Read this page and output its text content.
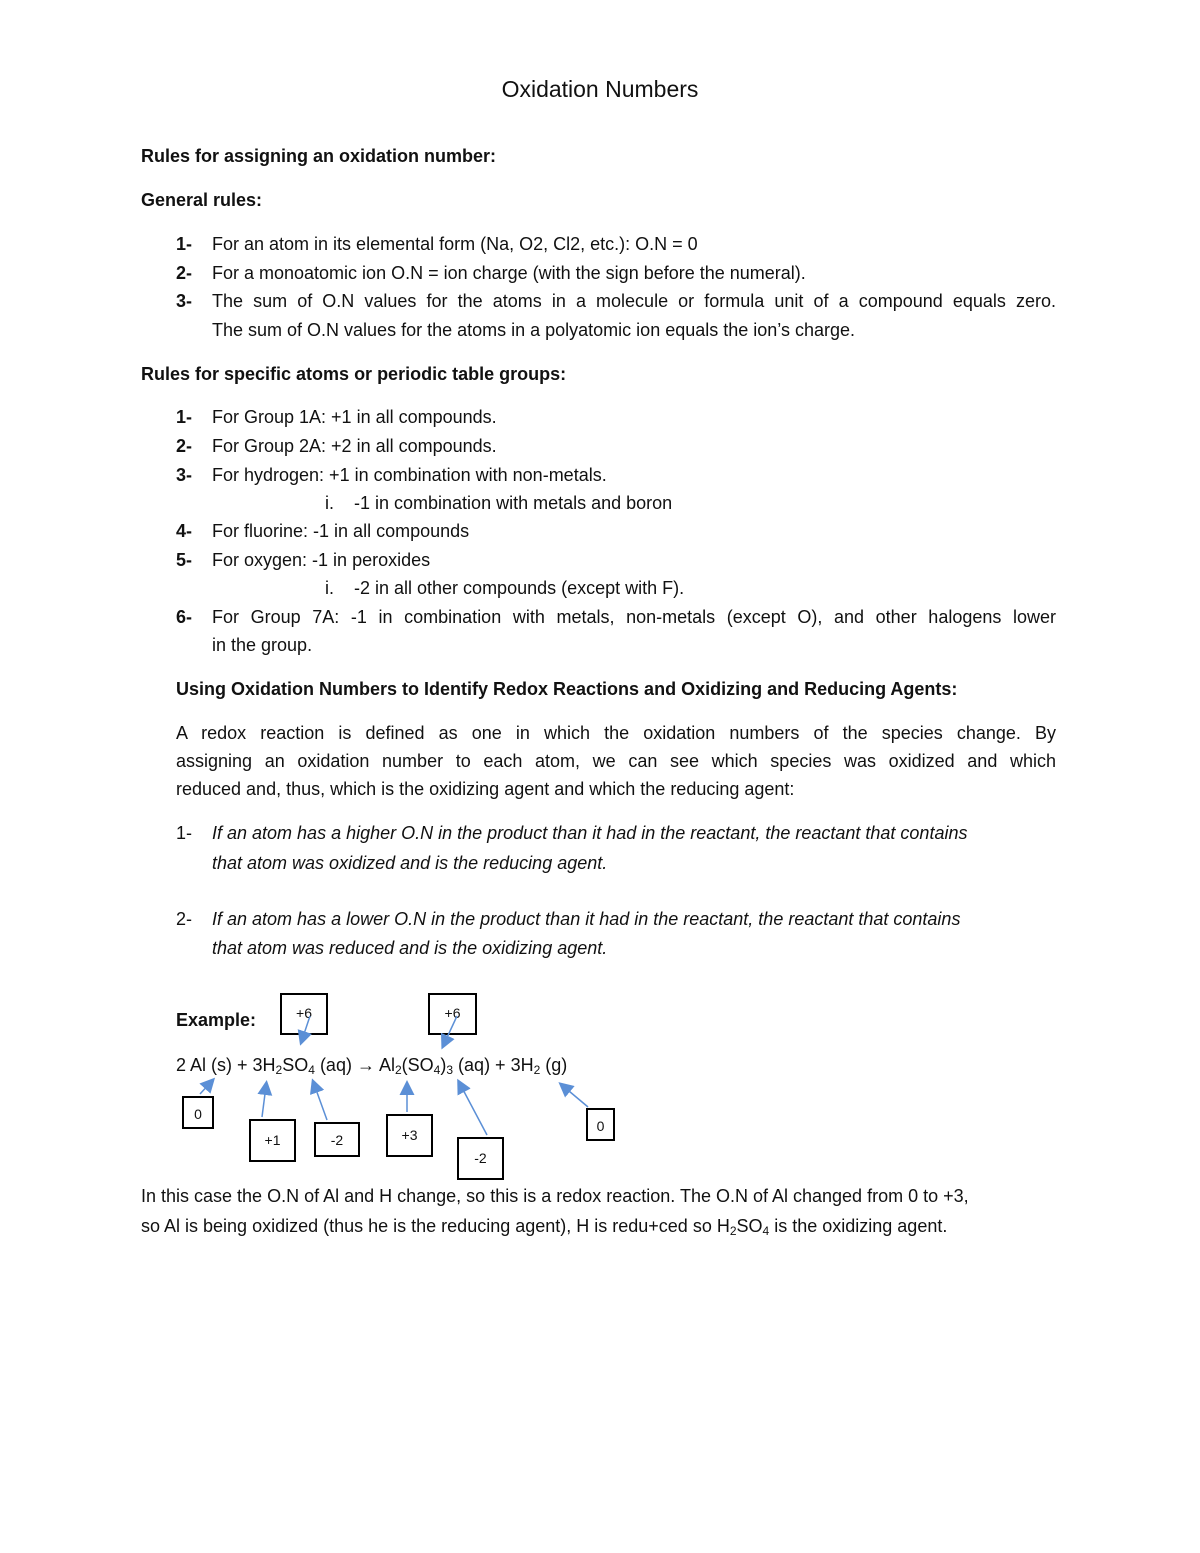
Oxidation Numbers
Rules for assigning an oxidation number:
General rules:
1- For an atom in its elemental form (Na, O2, Cl2, etc.): O.N = 0
2- For a monoatomic ion O.N = ion charge (with the sign before the numeral).
3- The sum of O.N values for the atoms in a molecule or formula unit of a compound equals zero.
The sum of O.N values for the atoms in a polyatomic ion equals the ion’s charge.
Rules for specific atoms or periodic table groups:
1- For Group 1A: +1 in all compounds.
2- For Group 2A: +2 in all compounds.
3- For hydrogen: +1 in combination with non-metals.
i. -1 in combination with metals and boron
4- For fluorine: -1 in all compounds
5- For oxygen: -1 in peroxides
i. -2 in all other compounds (except with F).
6- For Group 7A: -1 in combination with metals, non-metals (except O), and other halogens lower
in the group.
Using Oxidation Numbers to Identify Redox Reactions and Oxidizing and Reducing Agents:
A redox reaction is defined as one in which the oxidation numbers of the species change. By
assigning an oxidation number to each atom, we can see which species was oxidized and which
reduced and, thus, which is the oxidizing agent and which the reducing agent:
1- If an atom has a higher O.N in the product than it had in the reactant, the reactant that contains
that atom was oxidized and is the reducing agent.
2- If an atom has a lower O.N in the product than it had in the reactant, the reactant that contains
that atom was reduced and is the oxidizing agent.
Example:
2 Al $(s) + 3H_2SO_4$ $(aq) \to Al_2(SO_4)_3$ $(aq) + 3H_2$ (g)
+6	+6
0
+1	-2	+3
-2
0
In this case the O.N of Al and H change, so this is a redox reaction. The O.N of Al changed from 0 to +3,
so Al is being oxidized (thus he is the reducing agent), H is redu+ced so $H_2SO_4$ is the oxidizing agent.
